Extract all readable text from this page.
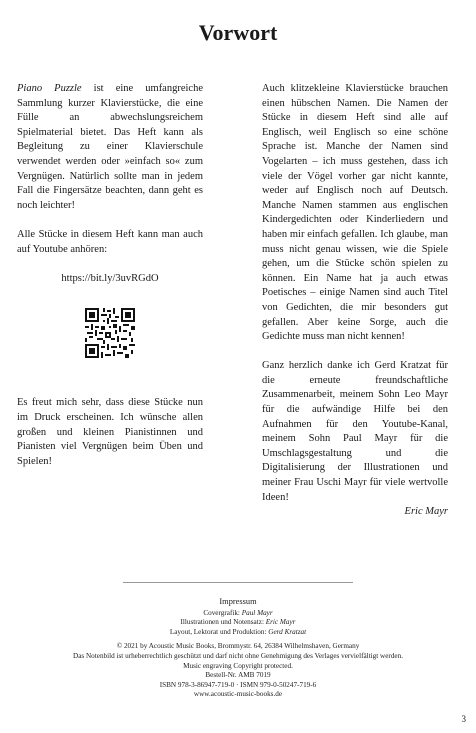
Vorwort

Piano Puzzle ist eine umfangreiche Sammlung kurzer Klavierstücke, die eine Fülle an abwechslungsreichem Spielmaterial bietet. Das Heft kann als Begleitung zu einer Klavierschule verwendet werden oder »einfach so« zum Vergnügen. Natürlich sollte man in jedem Fall die Fingersätze beachten, dann geht es noch leichter!

Alle Stücke in diesem Heft kann man auch auf Youtube anhören:

https://bit.ly/3uvRGdO

Es freut mich sehr, dass diese Stücke nun im Druck erscheinen. Ich wünsche allen großen und kleinen Pianistinnen und Pianisten viel Vergnügen beim Üben und Spielen!

Auch klitzekleine Klavierstücke brauchen einen hübschen Namen. Die Namen der Stücke in diesem Heft sind alle auf Englisch, weil Englisch so eine schöne Sprache ist. Manche der Namen sind Vogelarten – ich muss gestehen, dass ich viele der Vögel vorher gar nicht kannte, weder auf Englisch noch auf Deutsch. Manche Namen stammen aus englischen Kindergedichten oder Kinderliedern und haben mir einfach gefallen. Ich glaube, man muss nicht genau wissen, wie die Spiele gehen, um die Stücke schön spielen zu können. Ein Name hat ja auch etwas Poetisches – einige Namen sind auch Titel von Gedichten, die mir besonders gut gefallen. Aber keine Sorge, auch die Gedichte muss man nicht kennen!

Ganz herzlich danke ich Gerd Kratzat für die erneute freundschaftliche Zusammenarbeit, meinem Sohn Leo Mayr für die aufwändige Hilfe bei den Aufnahmen für den Youtube-Kanal, meinem Sohn Paul Mayr für die Umschlagsgestaltung und die Digitalisierung der Illustrationen und meiner Frau Uschi Mayr für viele wertvolle Ideen!

Eric Mayr

Impressum
Covergrafik: Paul Mayr
Illustrationen und Notensatz: Eric Mayr
Layout, Lektorat und Produktion: Gerd Kratzat
© 2021 by Acoustic Music Books, Brommystr. 64, 26384 Wilhelmshaven, Germany
Das Notenbild ist urheberrechtlich geschützt und darf nicht ohne Genehmigung des Verlages vervielfältigt werden.
Music engraving Copyright protected.
Bestell-Nr. AMB 7019
ISBN 978-3-86947-719-0 · ISMN 979-0-50247-719-6
www.acoustic-music-books.de
3
